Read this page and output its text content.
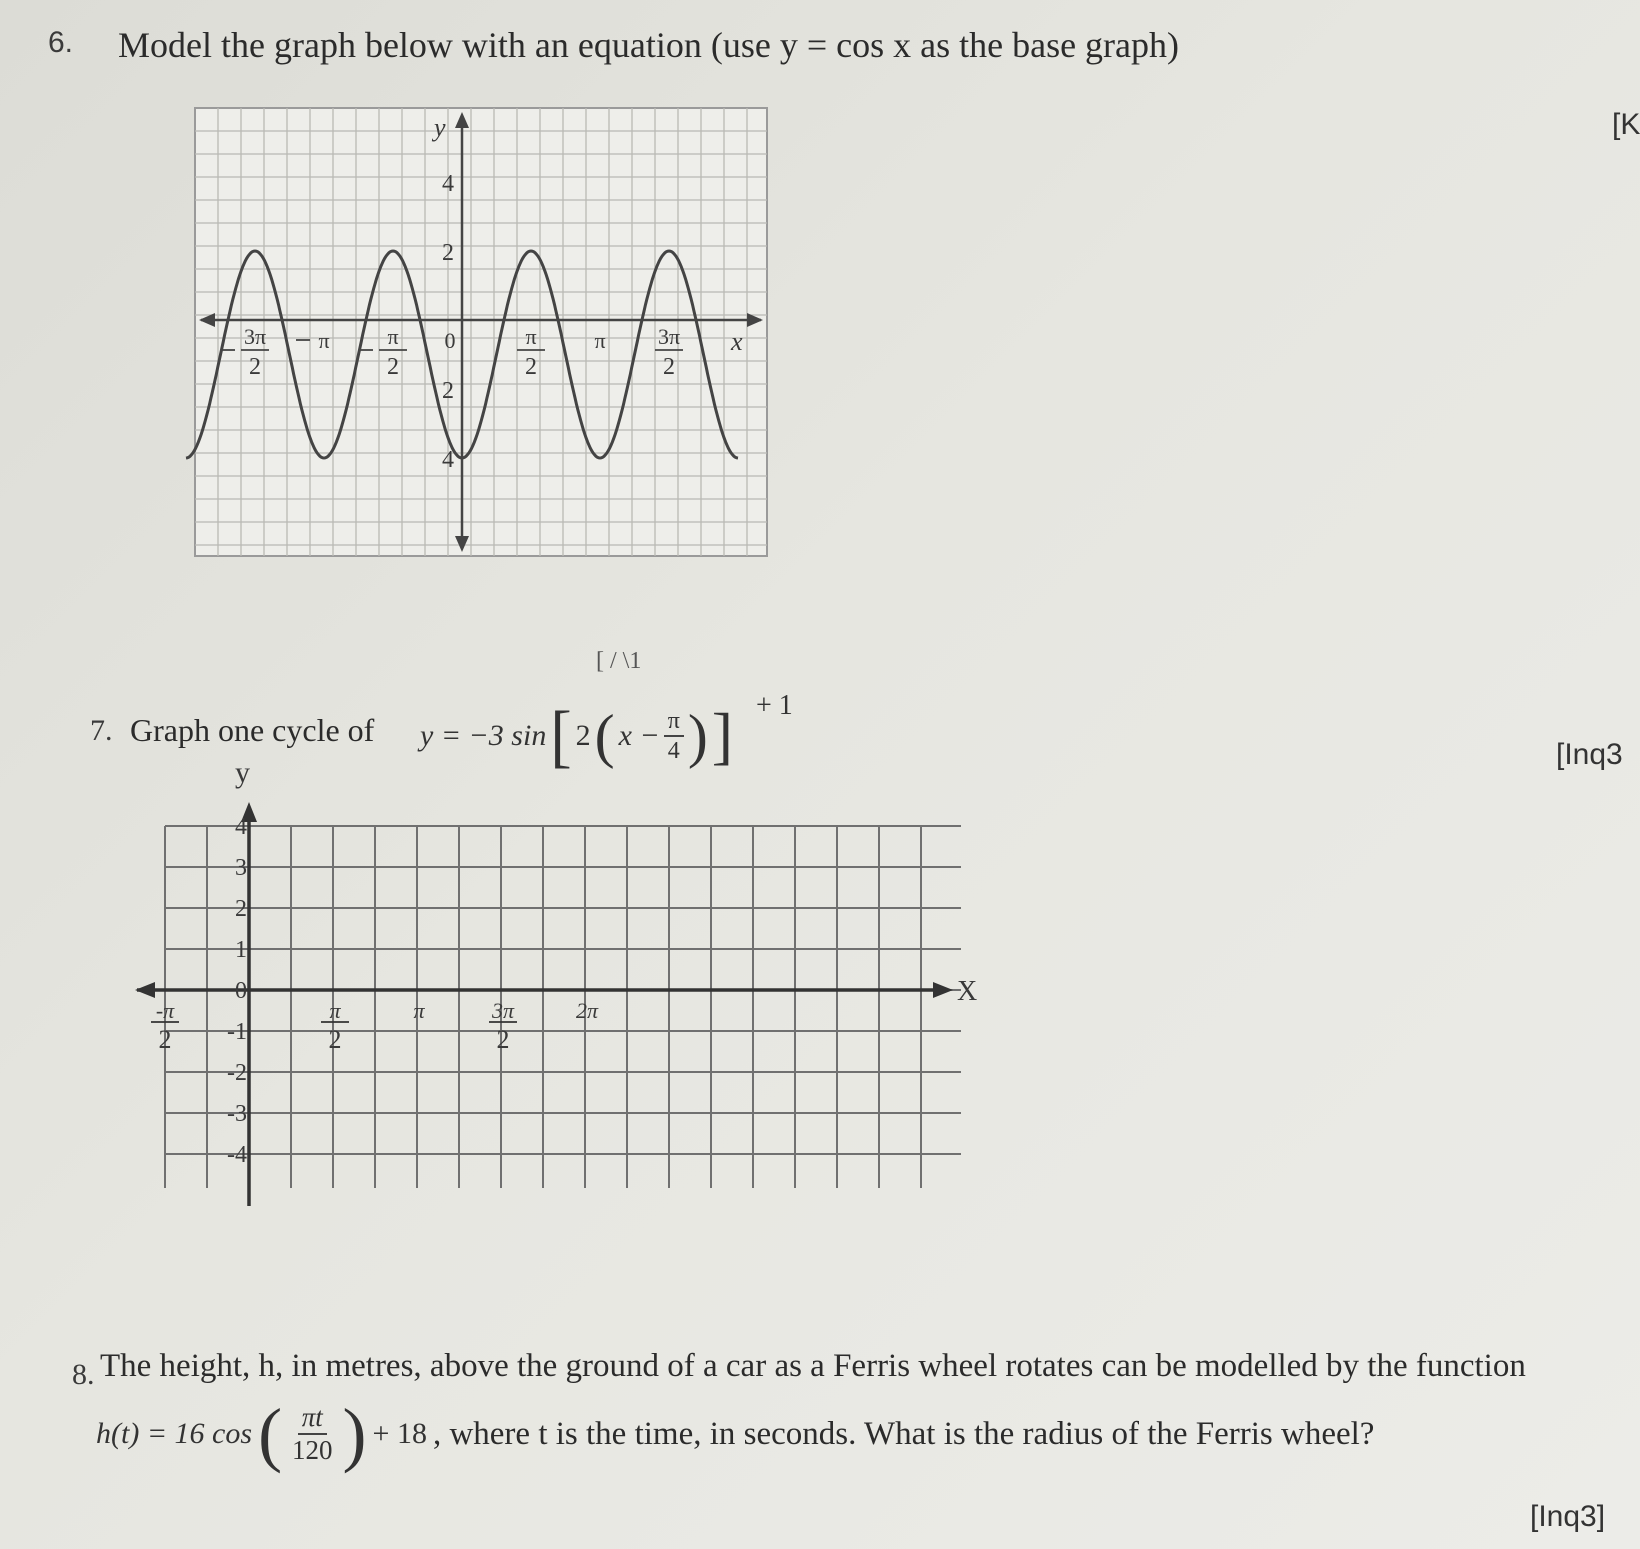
6. Model the graph below with an equation (use y = cos x as the base graph)
[K
y
x
4
2
2
4
3π
2
π	π
2
0	π
2
π 3π
2
7. Graph one cycle of
[ / \1
y = −3 sin [ 2 ( $x - \frac{\pi}{4}$ ) ] + 1
[Inq3
y
X
4
3
2
1
0
-1
-2
-3
-4
-π
2
π
2
π	3π
2
2π
8. The height, h, in metres, above the ground of a car as a Ferris wheel rotates can be modelled by the function
h(t) = 16 cos ( $\frac{\pi t}{120}$ ) + 18 , where t is the time, in seconds. What is the radius of the Ferris wheel?
[Inq3]
